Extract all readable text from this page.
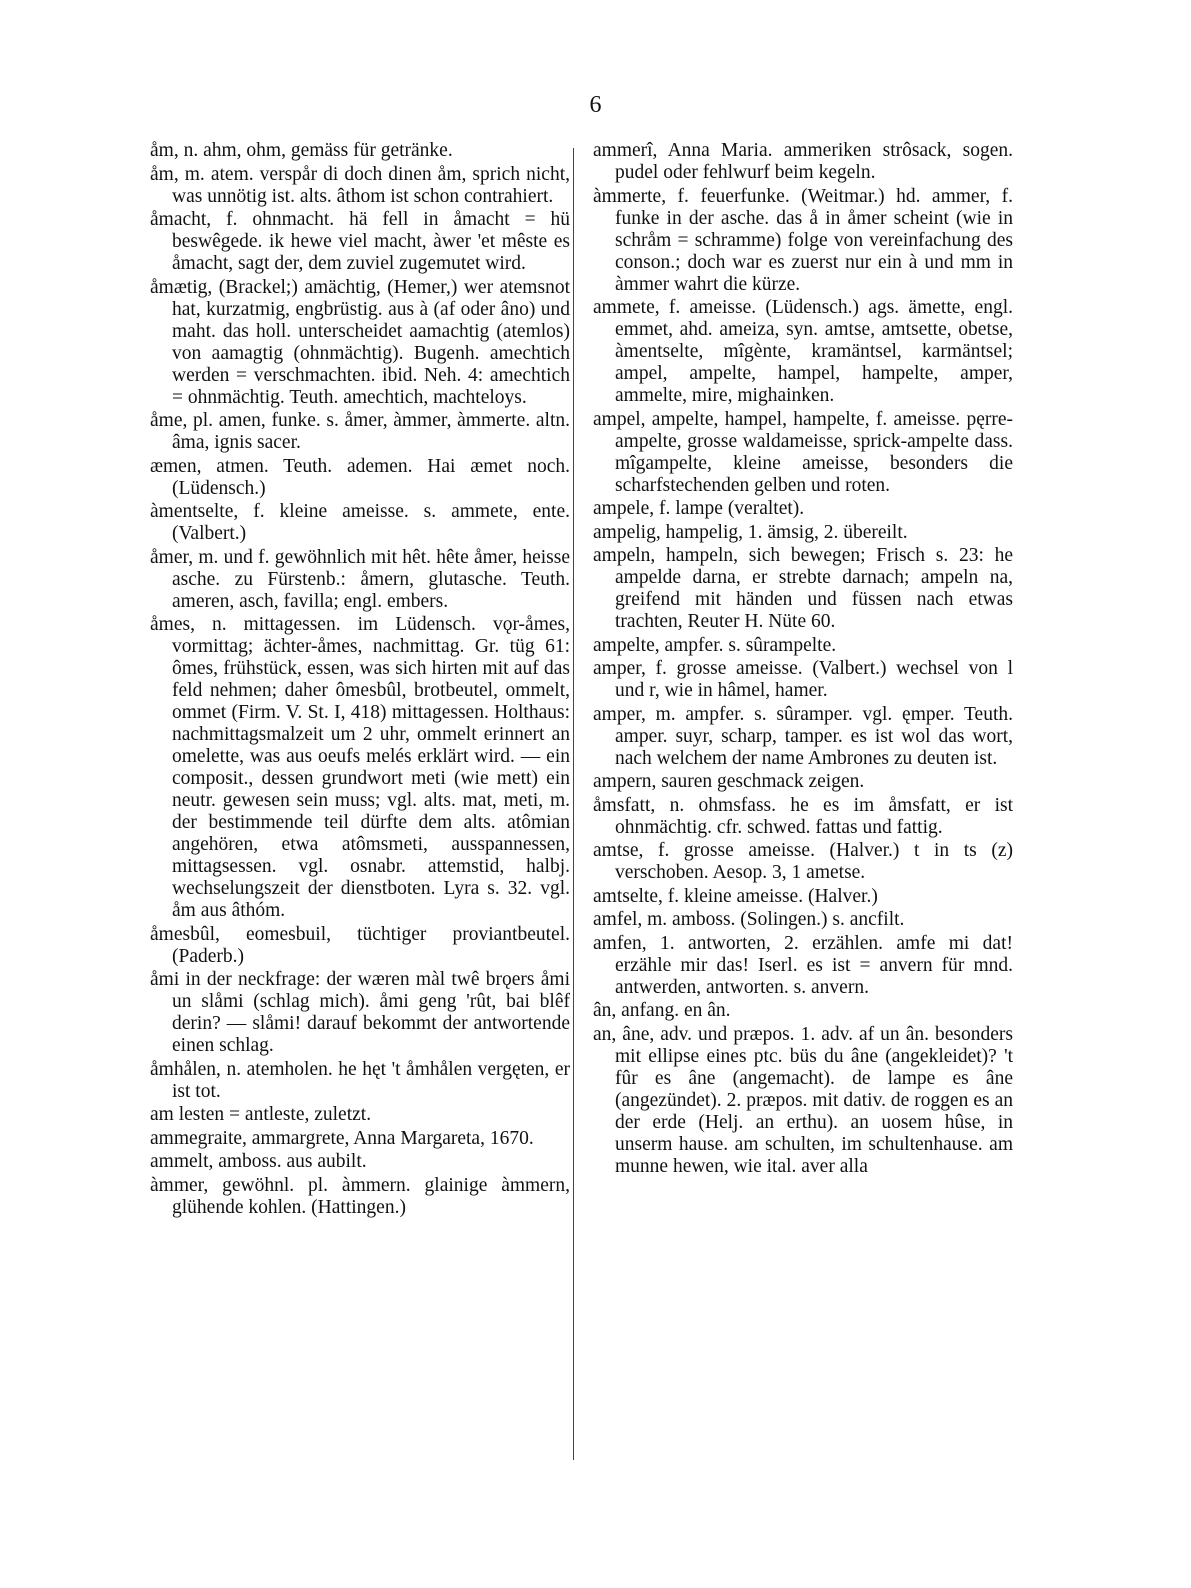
6

åm, n. ahm, ohm, gemäss für getränke.

åm, m. atem. verspår di doch dinen åm, sprich nicht, was unnötig ist. alts. âthom ist schon contrahiert.

åmacht, f. ohnmacht. hä fell in åmacht = hü beswêgede. ik hewe viel macht, àwer 'et mêste es åmacht, sagt der, dem zuviel zugemutet wird.

åmætig, (Brackel;) amächtig, (Hemer,) wer atemsnot hat, kurzatmig, engbrüstig. aus à (af oder âno) und maht. das holl. unterscheidet aamachtig (atemlos) von aamagtig (ohnmächtig). Bugenh. amechtich werden = verschmachten. ibid. Neh. 4: amechtich = ohnmächtig. Teuth. amechtich, machteloys.

åme, pl. amen, funke. s. åmer, àmmer, àmmerte. altn. âma, ignis sacer.

æmen, atmen. Teuth. ademen. Hai æmet noch. (Lüdensch.)

àmentselte, f. kleine ameisse. s. ammete, ente. (Valbert.)

åmer, m. und f. gewöhnlich mit hêt. hête åmer, heisse asche. zu Fürstenb.: åmern, glutasche. Teuth. ameren, asch, favilla; engl. embers.

åmes, n. mittagessen. im Lüdensch. vǫr-åmes, vormittag; ächter-åmes, nachmittag. Gr. tüg 61: ômes, frühstück, essen, was sich hirten mit auf das feld nehmen; daher ômesbûl, brotbeutel, ommelt, ommet (Firm. V. St. I, 418) mittagessen. Holthaus: nachmittagsmalzeit um 2 uhr, ommelt erinnert an omelette, was aus oeufs melés erklärt wird. — ein composit., dessen grundwort meti (wie mett) ein neutr. gewesen sein muss; vgl. alts. mat, meti, m. der bestimmende teil dürfte dem alts. atômian angehören, etwa atômsmeti, ausspannessen, mittagsessen. vgl. osnabr. attemstid, halbj. wechselungszeit der dienstboten. Lyra s. 32. vgl. åm aus âthóm.

åmesbûl, eomesbuil, tüchtiger proviantbeutel. (Paderb.)

åmi in der neckfrage: der wæren màl twê brǫers åmi un slåmi (schlag mich). åmi geng 'rût, bai blêf derin? — slåmi! darauf bekommt der antwortende einen schlag.

åmhålen, n. atemholen. he hęt 't åmhålen vergęten, er ist tot.

am lesten = antleste, zuletzt.

ammegraite, ammargrete, Anna Margareta, 1670.

ammelt, amboss. aus aubilt.

àmmer, gewöhnl. pl. àmmern. glainige àmmern, glühende kohlen. (Hattingen.)

ammerî, Anna Maria. ammeriken strôsack, sogen. pudel oder fehlwurf beim kegeln.

àmmerte, f. feuerfunke. (Weitmar.) hd. ammer, f. funke in der asche. das å in åmer scheint (wie in schråm = schramme) folge von vereinfachung des conson.; doch war es zuerst nur ein à und mm in àmmer wahrt die kürze.

ammete, f. ameisse. (Lüdensch.) ags. ämette, engl. emmet, ahd. ameiza, syn. amtse, amtsette, obetse, àmentselte, mîgènte, kramäntsel, karmäntsel; ampel, ampelte, hampel, hampelte, amper, ammelte, mire, mighainken.

ampel, ampelte, hampel, hampelte, f. ameisse. pęrre-ampelte, grosse waldameisse, sprick-ampelte dass. mîgampelte, kleine ameisse, besonders die scharfstechenden gelben und roten.

ampele, f. lampe (veraltet).

ampelig, hampelig, 1. ämsig, 2. übereilt.

ampeln, hampeln, sich bewegen; Frisch s. 23: he ampelde darna, er strebte darnach; ampeln na, greifend mit händen und füssen nach etwas trachten, Reuter H. Nüte 60.

ampelte, ampfer. s. sûrampelte.

amper, f. grosse ameisse. (Valbert.) wechsel von l und r, wie in hâmel, hamer.

amper, m. ampfer. s. sûramper. vgl. ęmper. Teuth. amper. suyr, scharp, tamper. es ist wol das wort, nach welchem der name Ambrones zu deuten ist.

ampern, sauren geschmack zeigen.

åmsfatt, n. ohmsfass. he es im åmsfatt, er ist ohnmächtig. cfr. schwed. fattas und fattig.

amtse, f. grosse ameisse. (Halver.) t in ts (z) verschoben. Aesop. 3, 1 ametse.

amtselte, f. kleine ameisse. (Halver.)

amfel, m. amboss. (Solingen.) s. ancfilt.

amfen, 1. antworten, 2. erzählen. amfe mi dat! erzähle mir das! Iserl. es ist = anvern für mnd. antwerden, antworten. s. anvern.

ân, anfang. en ân.

an, âne, adv. und præpos. 1. adv. af un ân. besonders mit ellipse eines ptc. büs du âne (angekleidet)? 't fûr es âne (angemacht). de lampe es âne (angezündet). 2. præpos. mit dativ. de roggen es an der erde (Helj. an erthu). an uosem hûse, in unserm hause. am schulten, im schultenhause. am munne hewen, wie ital. aver alla
